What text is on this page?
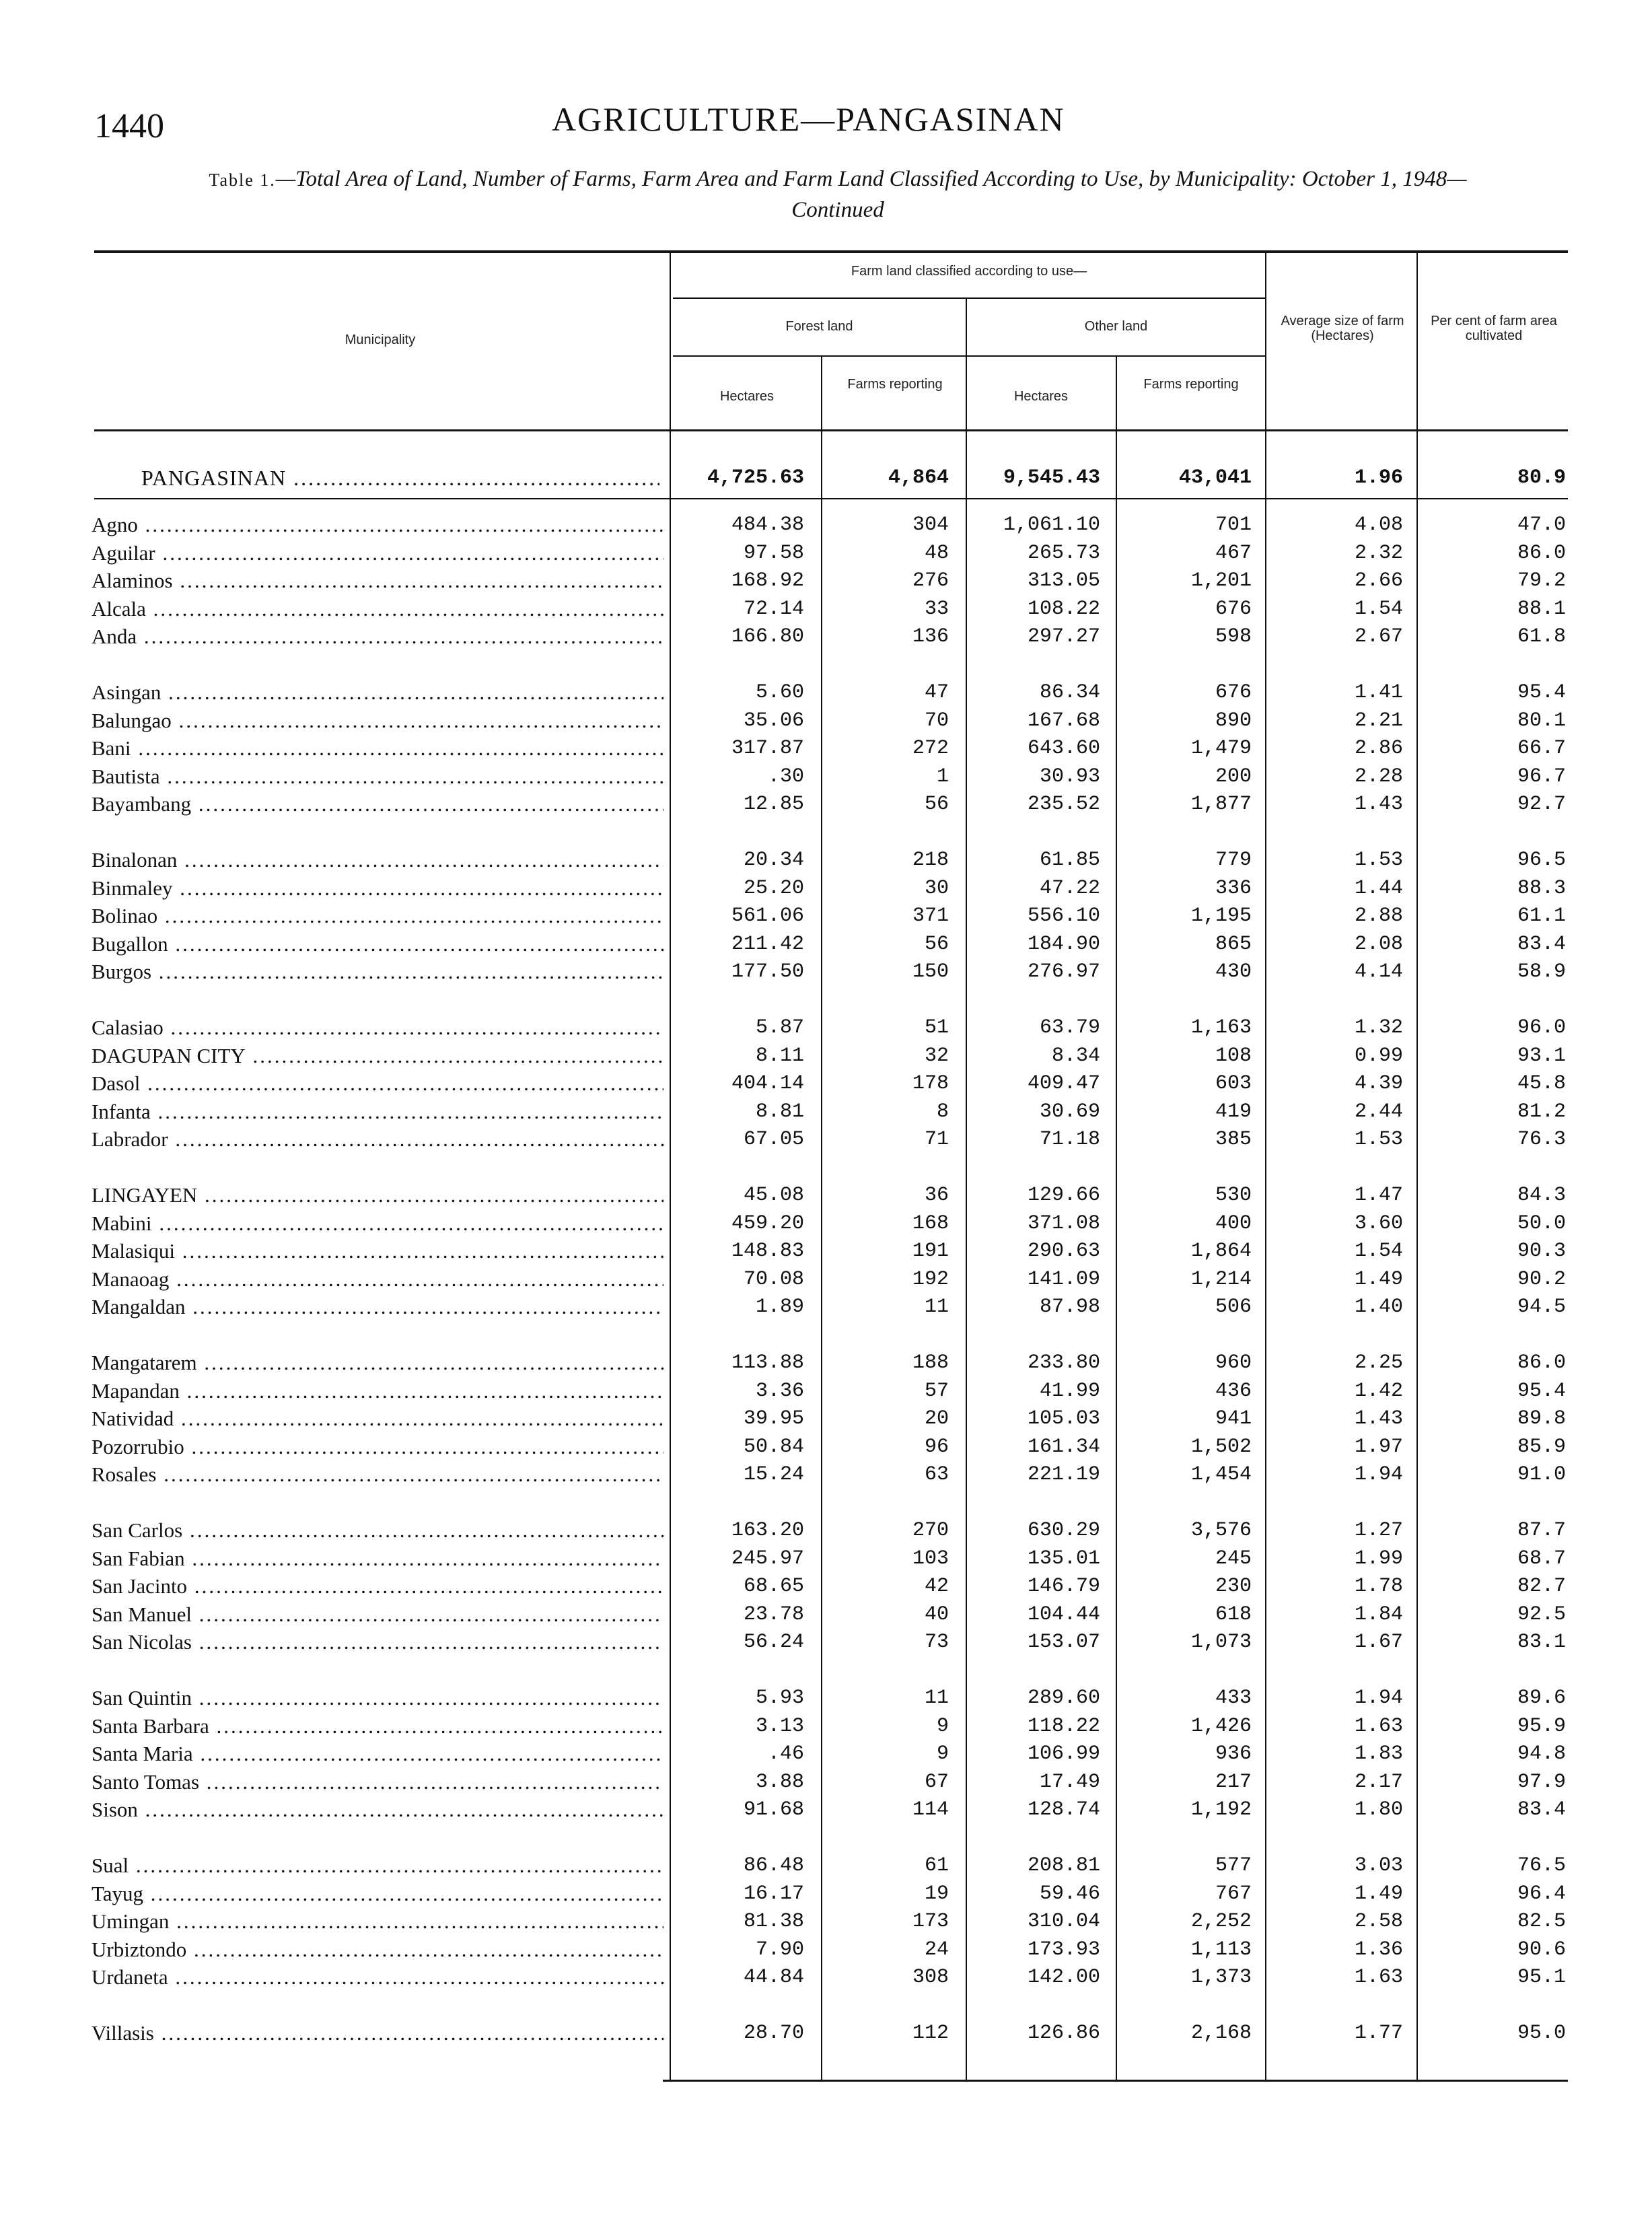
1440	AGRICULTURE—PANGASINAN
Table 1.—Total Area of Land, Number of Farms, Farm Area and Farm Land Classified According to Use, by Municipality: October 1, 1948—Continued
Municipality
Farm land classified according to use—
Forest land	Other land
Hectares
Farms reporting
Hectares
Farms reporting
Average size of farm (Hectares)
Per cent of farm area cultivated
PANGASINAN .....	4,725.63	4,864	9,545.43	43,041	1.96	80.9
Agno .....	484.38	304	1,061.10	701	4.08	47.0
Aguilar .....	97.58	48	265.73	467	2.32	86.0
Alaminos .....	168.92	276	313.05	1,201	2.66	79.2
Alcala .....	72.14	33	108.22	676	1.54	88.1
Anda .....	166.80	136	297.27	598	2.67	61.8
Asingan .....	5.60	47	86.34	676	1.41	95.4
Balungao .....	35.06	70	167.68	890	2.21	80.1
Bani .....	317.87	272	643.60	1,479	2.86	66.7
Bautista .....	.30	1	30.93	200	2.28	96.7
Bayambang .....	12.85	56	235.52	1,877	1.43	92.7
Binalonan .....	20.34	218	61.85	779	1.53	96.5
Binmaley .....	25.20	30	47.22	336	1.44	88.3
Bolinao .....	561.06	371	556.10	1,195	2.88	61.1
Bugallon .....	211.42	56	184.90	865	2.08	83.4
Burgos .....	177.50	150	276.97	430	4.14	58.9
Calasiao .....	5.87	51	63.79	1,163	1.32	96.0
DAGUPAN CITY .....	8.11	32	8.34	108	0.99	93.1
Dasol .....	404.14	178	409.47	603	4.39	45.8
Infanta .....	8.81	8	30.69	419	2.44	81.2
Labrador .....	67.05	71	71.18	385	1.53	76.3
LINGAYEN .....	45.08	36	129.66	530	1.47	84.3
Mabini .....	459.20	168	371.08	400	3.60	50.0
Malasiqui .....	148.83	191	290.63	1,864	1.54	90.3
Manaoag .....	70.08	192	141.09	1,214	1.49	90.2
Mangaldan .....	1.89	11	87.98	506	1.40	94.5
Mangatarem .....	113.88	188	233.80	960	2.25	86.0
Mapandan .....	3.36	57	41.99	436	1.42	95.4
Natividad .....	39.95	20	105.03	941	1.43	89.8
Pozorrubio .....	50.84	96	161.34	1,502	1.97	85.9
Rosales .....	15.24	63	221.19	1,454	1.94	91.0
San Carlos .....	163.20	270	630.29	3,576	1.27	87.7
San Fabian .....	245.97	103	135.01	245	1.99	68.7
San Jacinto .....	68.65	42	146.79	230	1.78	82.7
San Manuel .....	23.78	40	104.44	618	1.84	92.5
San Nicolas .....	56.24	73	153.07	1,073	1.67	83.1
San Quintin .....	5.93	11	289.60	433	1.94	89.6
Santa Barbara .....	3.13	9	118.22	1,426	1.63	95.9
Santa Maria .....	.46	9	106.99	936	1.83	94.8
Santo Tomas .....	3.88	67	17.49	217	2.17	97.9
Sison .....	91.68	114	128.74	1,192	1.80	83.4
Sual .....	86.48	61	208.81	577	3.03	76.5
Tayug .....	16.17	19	59.46	767	1.49	96.4
Umingan .....	81.38	173	310.04	2,252	2.58	82.5
Urbiztondo .....	7.90	24	173.93	1,113	1.36	90.6
Urdaneta .....	44.84	308	142.00	1,373	1.63	95.1
Villasis .....	28.70	112	126.86	2,168	1.77	95.0
